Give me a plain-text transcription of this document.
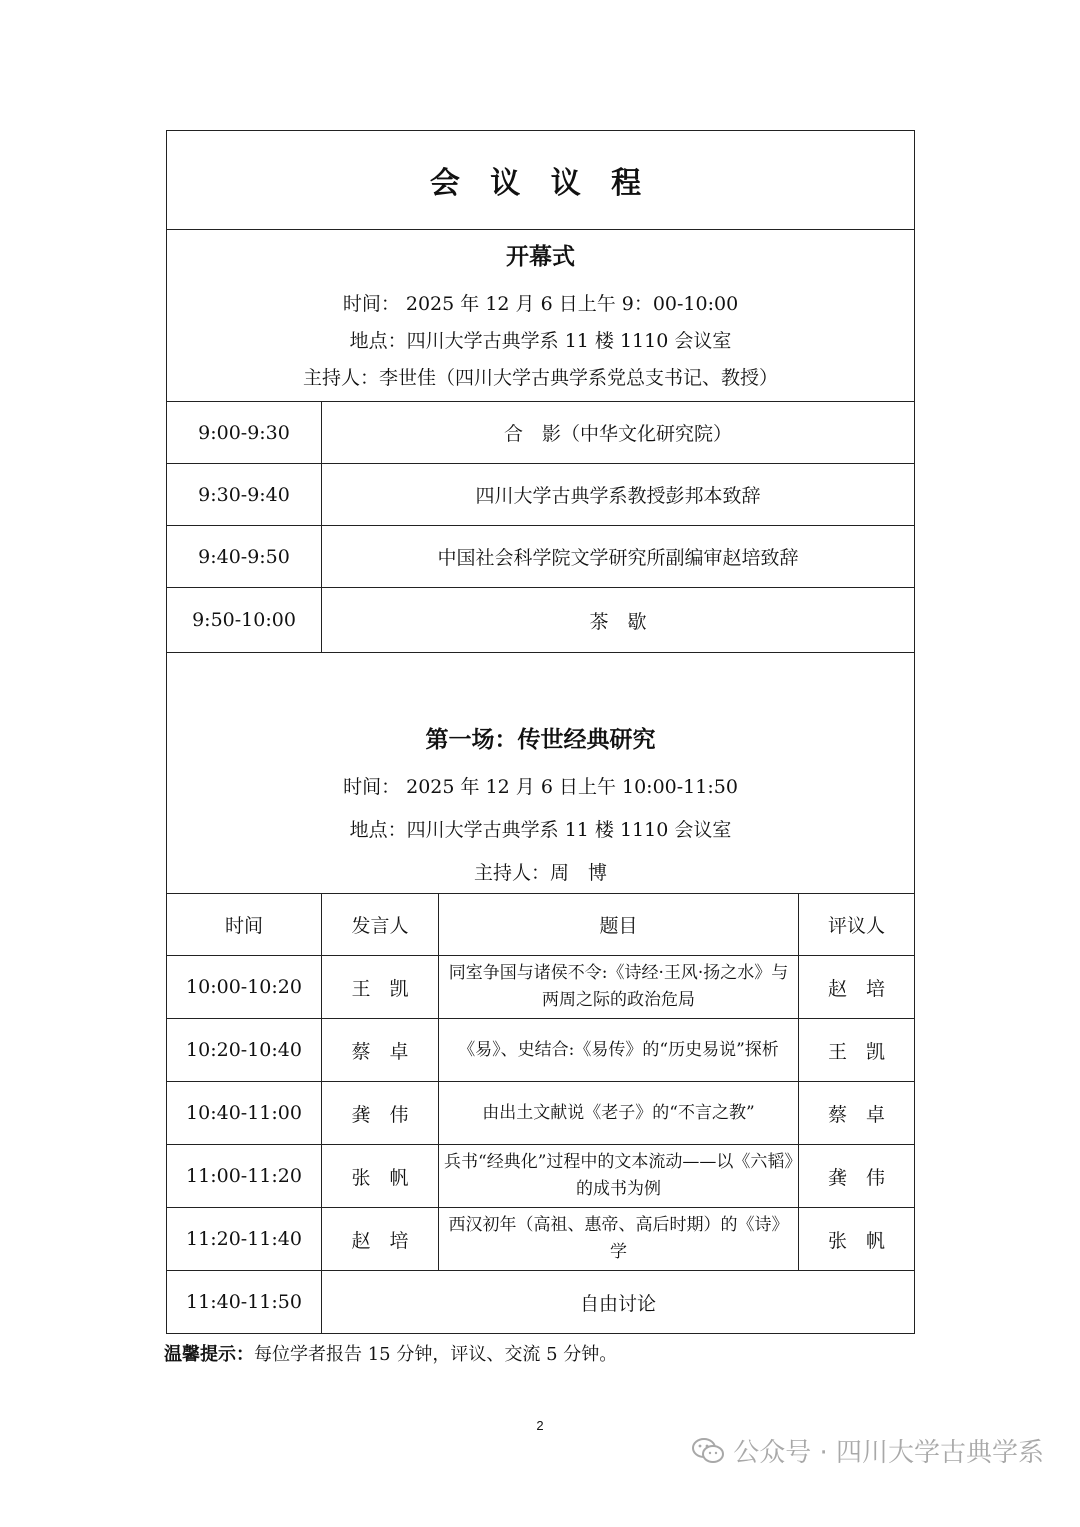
会 议 议 程			

开幕式
时间： 2025 年 12 月 6 日上午 9：00-10:00
地点：四川大学古典学系 11 楼 1110 会议室
主持人：李世佳（四川大学古典学系党总支书记、教授）			

9:00-9:30	合　影（中华文化研究院）		
9:30-9:40	四川大学古典学系教授彭邦本致辞		
9:40-9:50	中国社会科学院文学研究所副编审赵培致辞		
9:50-10:00	茶　歇		

第一场：传世经典研究
时间： 2025 年 12 月 6 日上午 10:00-11:50
地点：四川大学古典学系 11 楼 1110 会议室
主持人：周　博			

时间	发言人	题目	评议人
10:00-10:20	王　凯	同室争国与诸侯不令:《诗经·王风·扬之水》与两周之际的政治危局	赵　培
10:20-10:40	蔡　卓	《易》、史结合:《易传》的“历史易说”探析	王　凯
10:40-11:00	龚　伟	由出土文献说《老子》的“不言之教”	蔡　卓
11:00-11:20	张　帆	兵书“经典化”过程中的文本流动——以《六韬》的成书为例	龚　伟
11:20-11:40	赵　培	西汉初年（高祖、惠帝、高后时期）的《诗》学	张　帆
11:40-11:50	自由讨论		
温馨提示：每位学者报告 15 分钟，评议、交流 5 分钟。
2
公众号 · 四川大学古典学系
